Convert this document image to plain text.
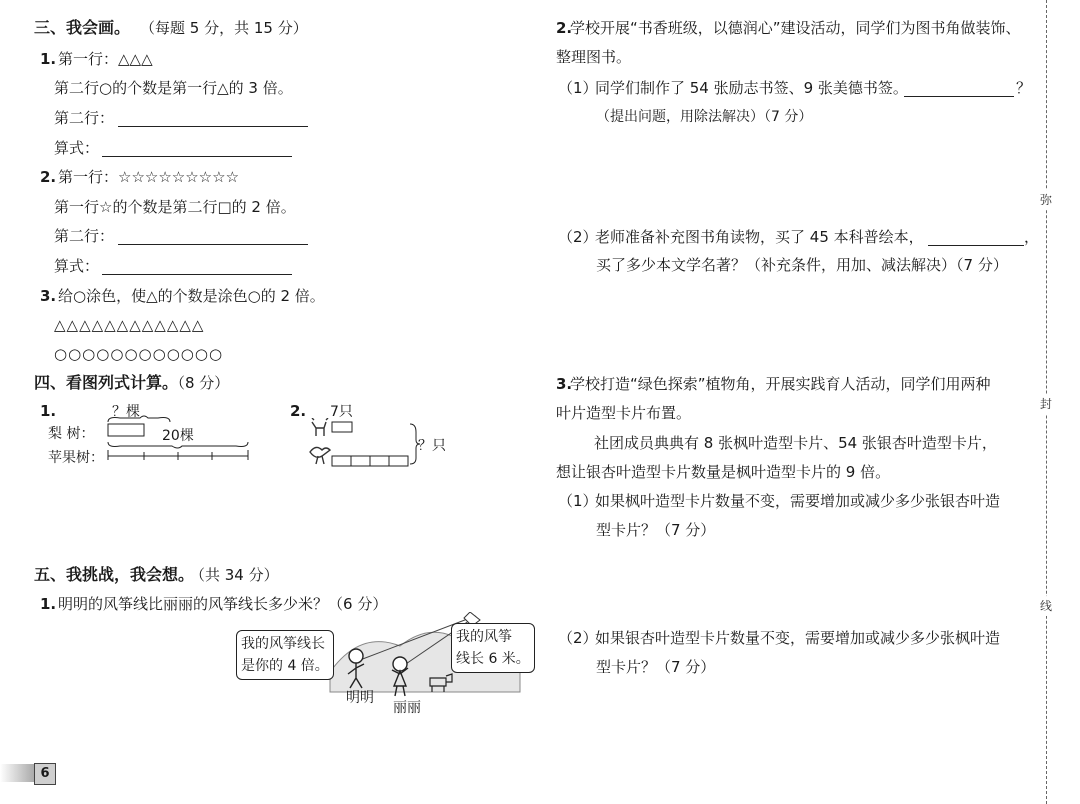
三、我会画。 （每题 5 分，共 15 分）
1. 第一行：△△△
第二行○的个数是第一行△的 3 倍。
第二行：
算式：
2. 第一行：☆☆☆☆☆☆☆☆☆
第一行☆的个数是第二行□的 2 倍。
第二行：
算式：
3. 给○涂色，使△的个数是涂色○的 2 倍。
△△△△△△△△△△△△
○○○○○○○○○○○○
四、看图列式计算。
（8 分）
1.	？棵
梨 树：	20棵
苹果树：
2. 7只
？只
五、我挑战，我会想。
（共 34 分）
1. 明明的风筝线比丽丽的风筝线长多少米？（6 分）
我的风筝线长
是你的 4 倍。
我的风筝
线长 6 米。
明明
丽丽
6
2.
学校开展“书香班级，以德润心”建设活动，同学们为图书角做装饰、
整理图书。
（1）
同学们制作了 54 张励志书签、9 张美德书签。	？
（提出问题，用除法解决）（7 分）
（2）
老师准备补充图书角读物，买了 45 本科普绘本，	，
买了多少本文学名著？（补充条件，用加、减法解决）（7 分）
3.
学校打造“绿色探索”植物角，开展实践育人活动，同学们用两种
叶片造型卡片布置。
社团成员典典有 8 张枫叶造型卡片、54 张银杏叶造型卡片，
想让银杏叶造型卡片数量是枫叶造型卡片的 9 倍。
（1）
如果枫叶造型卡片数量不变，需要增加或减少多少张银杏叶造
型卡片？（7 分）
（2）
如果银杏叶造型卡片数量不变，需要增加或减少多少张枫叶造
型卡片？（7 分）
弥
封
线
